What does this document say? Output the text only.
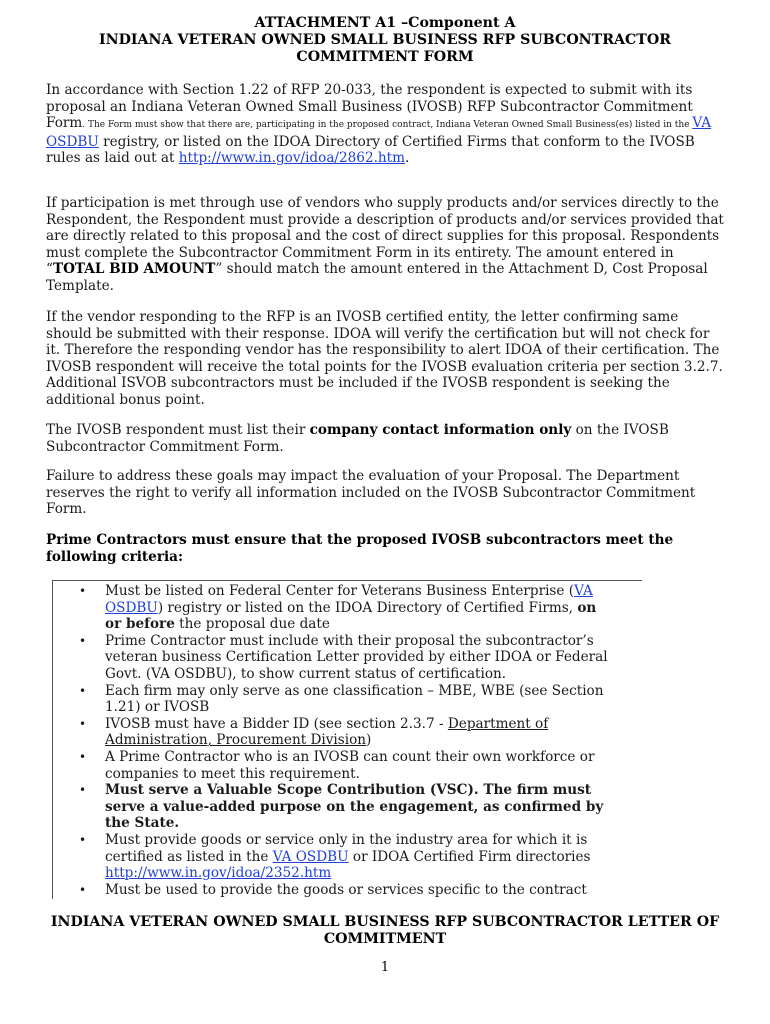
ATTACHMENT A1 –Component A
INDIANA VETERAN OWNED SMALL BUSINESS RFP SUBCONTRACTOR
COMMITMENT FORM

In accordance with Section 1.22 of RFP 20-033, the respondent is expected to submit with its proposal an Indiana Veteran Owned Small Business (IVOSB) RFP Subcontractor Commitment Form. The Form must show that there are, participating in the proposed contract, Indiana Veteran Owned Small Business(es) listed in the VA OSDBU registry, or listed on the IDOA Directory of Certified Firms that conform to the IVOSB rules as laid out at http://www.in.gov/idoa/2862.htm.

If participation is met through use of vendors who supply products and/or services directly to the Respondent, the Respondent must provide a description of products and/or services provided that are directly related to this proposal and the cost of direct supplies for this proposal. Respondents must complete the Subcontractor Commitment Form in its entirety. The amount entered in “TOTAL BID AMOUNT” should match the amount entered in the Attachment D, Cost Proposal Template.

If the vendor responding to the RFP is an IVOSB certified entity, the letter confirming same should be submitted with their response. IDOA will verify the certification but will not check for it. Therefore the responding vendor has the responsibility to alert IDOA of their certification. The IVOSB respondent will receive the total points for the IVOSB evaluation criteria per section 3.2.7. Additional ISVOB subcontractors must be included if the IVOSB respondent is seeking the additional bonus point.

The IVOSB respondent must list their company contact information only on the IVOSB Subcontractor Commitment Form.

Failure to address these goals may impact the evaluation of your Proposal. The Department reserves the right to verify all information included on the IVOSB Subcontractor Commitment Form.

Prime Contractors must ensure that the proposed IVOSB subcontractors meet the following criteria:

• Must be listed on Federal Center for Veterans Business Enterprise (VA OSDBU) registry or listed on the IDOA Directory of Certified Firms, on or before the proposal due date
• Prime Contractor must include with their proposal the subcontractor’s veteran business Certification Letter provided by either IDOA or Federal Govt. (VA OSDBU), to show current status of certification.
• Each firm may only serve as one classification – MBE, WBE (see Section 1.21) or IVOSB
• IVOSB must have a Bidder ID (see section 2.3.7 - Department of Administration, Procurement Division)
• A Prime Contractor who is an IVOSB can count their own workforce or companies to meet this requirement.
• Must serve a Valuable Scope Contribution (VSC). The firm must serve a value-added purpose on the engagement, as confirmed by the State.
• Must provide goods or service only in the industry area for which it is certified as listed in the VA OSDBU or IDOA Certified Firm directories http://www.in.gov/idoa/2352.htm
• Must be used to provide the goods or services specific to the contract
INDIANA VETERAN OWNED SMALL BUSINESS RFP SUBCONTRACTOR LETTER OF COMMITMENT
1
